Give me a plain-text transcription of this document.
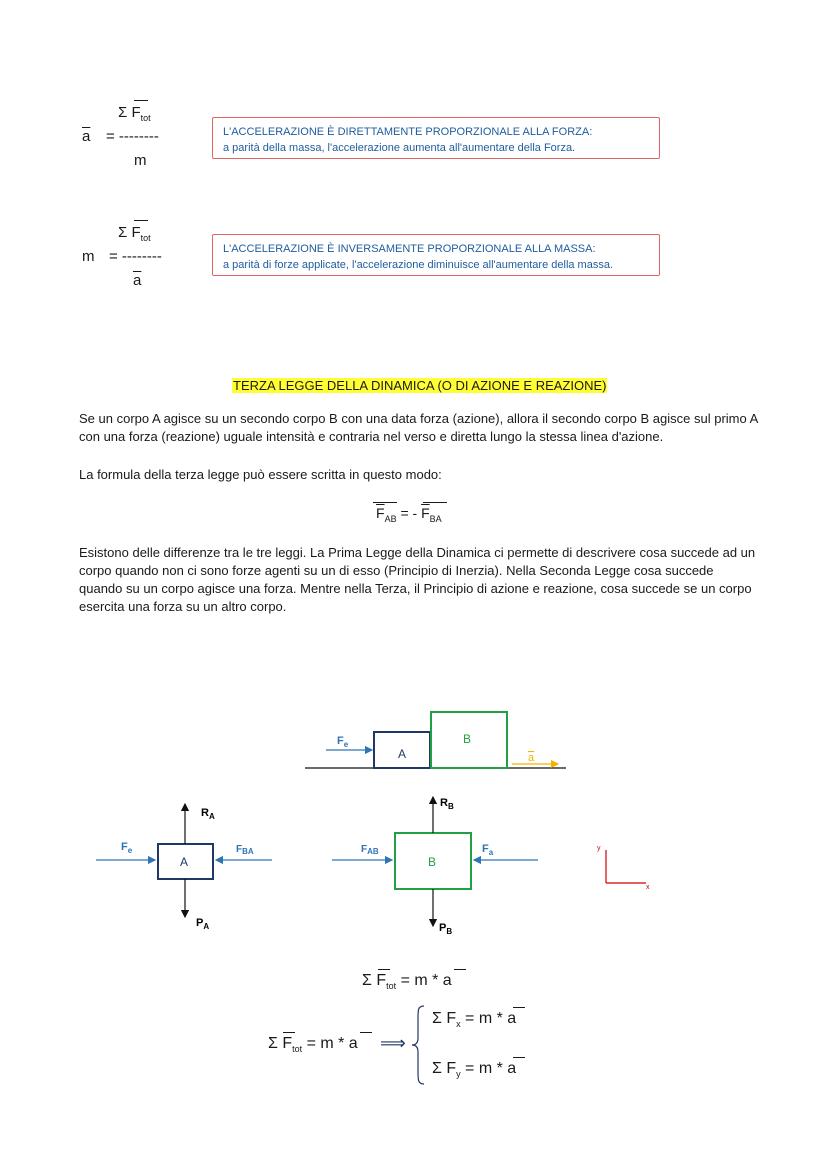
Σ $F_{tot}$
$\overline{a}$ = --------
m
L'ACCELERAZIONE È DIRETTAMENTE PROPORZIONALE ALLA FORZA:
a parità della massa, l'accelerazione aumenta all'aumentare della Forza.
Σ $F_{tot}$
m = --------
$\overline{a}$
L'ACCELERAZIONE È INVERSAMENTE PROPORZIONALE ALLA MASSA:
a parità di forze applicate, l'accelerazione diminuisce all'aumentare della massa.
TERZA LEGGE DELLA DINAMICA (O DI AZIONE E REAZIONE)
Se un corpo A agisce su un secondo corpo B con una data forza (azione), allora il secondo corpo B agisce sul primo A con una forza (reazione) uguale intensità e contraria nel verso e diretta lungo la stessa linea d'azione.
La formula della terza legge può essere scritta in questo modo:
$\overline{F}_{AB}$ = - $\overline{F}_{BA}$
Esistono delle differenze tra le tre leggi. La Prima Legge della Dinamica ci permette di descrivere cosa succede ad un corpo quando non ci sono forze agenti su un di esso (Principio di Inerzia). Nella Seconda Legge cosa succede quando su un corpo agisce una forza. Mentre nella Terza, il Principio di azione e reazione, cosa succede se un corpo esercita una forza su un altro corpo.
A
B
$F_e$
a
A
$R_A$
$P_A$
$F_e$	$F_{BA}$
B
$R_B$
$P_B$
$F_{AB}$	$F_a$	y
x
Σ $F_{tot} = m * a$
Σ $F_{tot} = m * a$ ⟹
Σ $F_x = m * a$
Σ $F_y = m * a$
